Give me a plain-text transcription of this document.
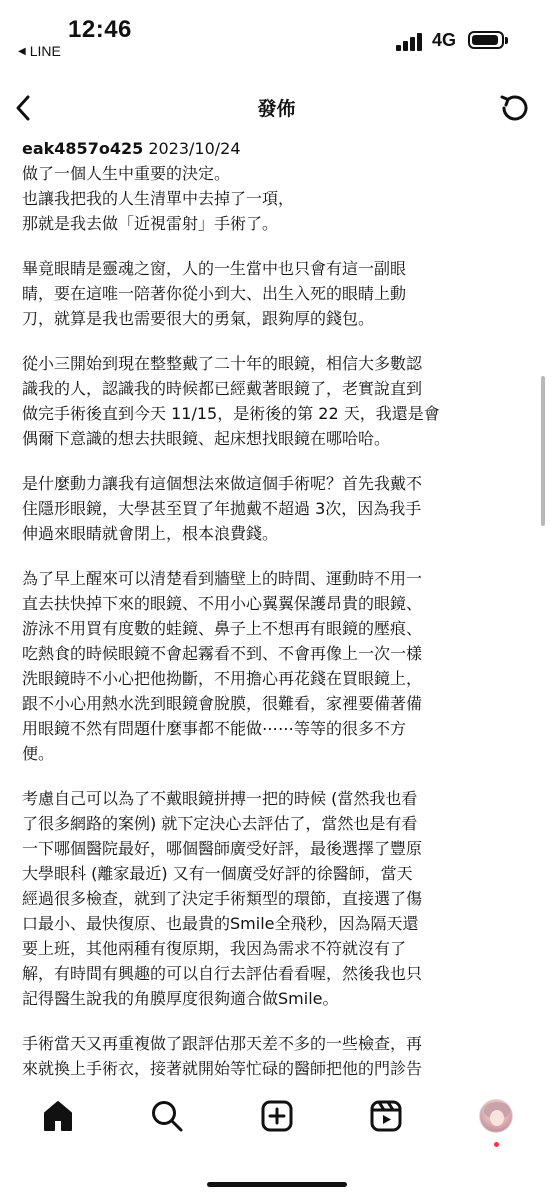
12:46
◀ LINE
4G
發佈
eak4857o425 2023/10/24
做了一個人生中重要的決定。
也讓我把我的人生清單中去掉了一項，
那就是我去做「近視雷射」手術了。
畢竟眼睛是靈魂之窗，人的一生當中也只會有這一副眼
睛，要在這唯一陪著你從小到大、出生入死的眼睛上動
刀，就算是我也需要很大的勇氣，跟夠厚的錢包。
從小三開始到現在整整戴了二十年的眼鏡，相信大多數認
識我的人，認識我的時候都已經戴著眼鏡了，老實說直到
做完手術後直到今天 11/15，是術後的第 22 天，我還是會
偶爾下意識的想去扶眼鏡、起床想找眼鏡在哪哈哈。
是什麼動力讓我有這個想法來做這個手術呢？首先我戴不
住隱形眼鏡，大學甚至買了年拋戴不超過 3次，因為我手
伸過來眼睛就會閉上，根本浪費錢。
為了早上醒來可以清楚看到牆壁上的時間、運動時不用一
直去扶快掉下來的眼鏡、不用小心翼翼保護昂貴的眼鏡、
游泳不用買有度數的蛙鏡、鼻子上不想再有眼鏡的壓痕、
吃熱食的時候眼鏡不會起霧看不到、不會再像上一次一樣
洗眼鏡時不小心把他拗斷，不用擔心再花錢在買眼鏡上，
跟不小心用熱水洗到眼鏡會脫膜，很難看，家裡要備著備
用眼鏡不然有問題什麼事都不能做⋯⋯等等的很多不方
便。
考慮自己可以為了不戴眼鏡拼搏一把的時候 (當然我也看
了很多網路的案例) 就下定決心去評估了，當然也是有看
一下哪個醫院最好，哪個醫師廣受好評，最後選擇了豐原
大學眼科 (離家最近) 又有一個廣受好評的徐醫師，當天
經過很多檢查，就到了決定手術類型的環節，直接選了傷
口最小、最快復原、也最貴的Smile全飛秒，因為隔天還
要上班，其他兩種有復原期，我因為需求不符就沒有了
解，有時間有興趣的可以自行去評估看看喔，然後我也只
記得醫生說我的角膜厚度很夠適合做Smile。
手術當天又再重複做了跟評估那天差不多的一些檢查，再
來就換上手術衣，接著就開始等忙碌的醫師把他的門診告
